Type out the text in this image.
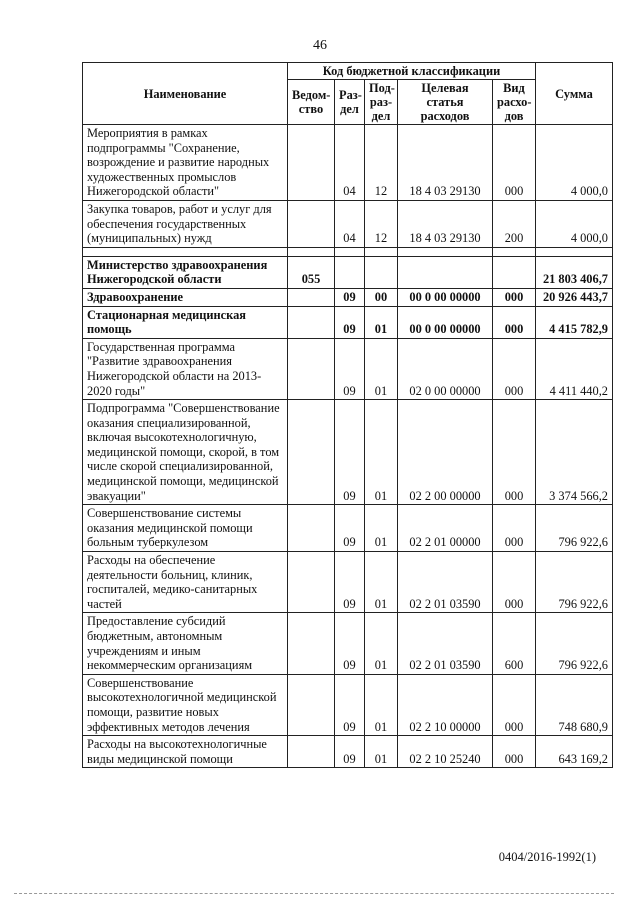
46
Наименование	Код бюджетной классификации					Сумма
	Ведом-ство	Раз-дел	Под-раз-дел	Целевая статья расходов	Вид расхо-дов	
Мероприятия в рамках подпрограммы "Сохранение, возрождение и развитие народных художественных промыслов Нижегородской области"		04	12	18 4 03 29130	000	4 000,0
Закупка товаров, работ и услуг для обеспечения государственных (муниципальных) нужд		04	12	18 4 03 29130	200	4 000,0

Министерство здравоохранения Нижегородской области	055					21 803 406,7
Здравоохранение		09	00	00 0 00 00000	000	20 926 443,7
Стационарная медицинская помощь		09	01	00 0 00 00000	000	4 415 782,9
Государственная программа "Развитие здравоохранения Нижегородской области на 2013-2020 годы"		09	01	02 0 00 00000	000	4 411 440,2
Подпрограмма "Совершенствование оказания специализированной, включая высокотехнологичную, медицинской помощи, скорой, в том числе скорой специализированной, медицинской помощи, медицинской эвакуации"		09	01	02 2 00 00000	000	3 374 566,2
Совершенствование системы оказания медицинской помощи больным туберкулезом		09	01	02 2 01 00000	000	796 922,6
Расходы на обеспечение деятельности больниц, клиник, госпиталей, медико-санитарных частей		09	01	02 2 01 03590	000	796 922,6
Предоставление субсидий бюджетным, автономным учреждениям и иным некоммерческим организациям		09	01	02 2 01 03590	600	796 922,6
Совершенствование высокотехнологичной медицинской помощи, развитие новых эффективных методов лечения		09	01	02 2 10 00000	000	748 680,9
Расходы на высокотехнологичные виды медицинской помощи		09	01	02 2 10 25240	000	643 169,2
0404/2016-1992(1)
